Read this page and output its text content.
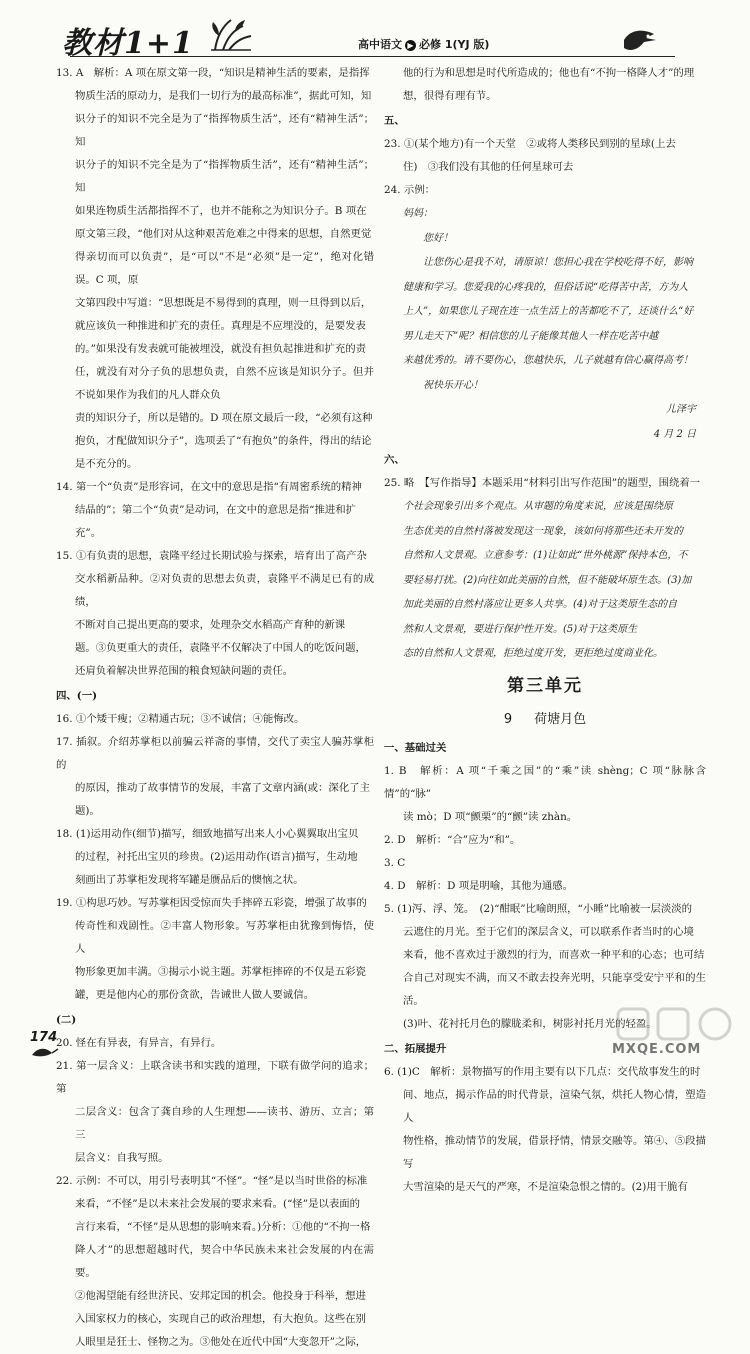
教材1+1	高中语文 ▶ 必修 1(YJ 版)
13. A　解析：A 项在原文第一段，“知识是精神生活的要素，是指挥
物质生活的原动力，是我们一切行为的最高标准”，据此可知，知
识分子的知识不完全是为了“指挥物质生活”，还有“精神生活”；知
识分子的知识不完全是为了“指挥物质生活”，还有“精神生活”；知
如果连物质生活都指挥不了，也并不能称之为知识分子。B 项在
原文第三段，“他们对从这种艰苦危难之中得来的思想，自然更觉
得亲切而可以负责”，是“可以”不是“必须”是一定”，绝对化错误。C 项，原
文第四段中写道：“思想既是不易得到的真理，则一旦得到以后，
就应该负一种推进和扩充的责任。真理是不应埋没的，是要发表
的。”如果没有发表就可能被埋没，就没有担负起推进和扩充的责
任，就没有对分子负的思想负责，自然不应该是知识分子。但并不说如果作为我们的凡人群众负
责的知识分子，所以是错的。D 项在原文最后一段，“必须有这种
抱负，才配做知识分子”，选项丢了“有抱负”的条件，得出的结论
是不充分的。
14. 第一个“负责”是形容词，在文中的意思是指“有周密系统的精神
结晶的”；第二个“负责”是动词，在文中的意思是指“推进和扩
充”。
15. ①有负责的思想，袁隆平经过长期试验与探索，培育出了高产杂
交水稻新品种。②对负责的思想去负责，袁隆平不满足已有的成绩，
不断对自己提出更高的要求，处理杂交水稻高产育种的新课
题。③负更重大的责任，袁隆平不仅解决了中国人的吃饭问题，
还肩负着解决世界范围的粮食短缺问题的责任。
四、(一)
16. ①个矮干瘦；②精通古玩；③不诚信；④能悔改。
17. 插叙。介绍苏掌柜以前骗云祥斋的事情，交代了卖宝人骗苏掌柜的
的原因，推动了故事情节的发展，丰富了文章内涵(或：深化了主
题)。
18. (1)运用动作(细节)描写，细致地描写出来人小心翼翼取出宝贝
的过程，衬托出宝贝的珍贵。(2)运用动作(语言)描写，生动地
刻画出了苏掌柜发现将军罐是赝品后的懊恼之状。
19. ①构思巧妙。写苏掌柜因受惊而失手摔碎五彩瓷，增强了故事的
传奇性和戏剧性。②丰富人物形象。写苏掌柜由犹豫到悔悟，使人
物形象更加丰满。③揭示小说主题。苏掌柜摔碎的不仅是五彩瓷
罐，更是他内心的那份贪欲，告诫世人做人要诚信。
(二)
20. 怪在有异表，有异言，有异行。
21. 第一层含义：上联含读书和实践的道理，下联有做学问的追求；第
二层含义：包含了龚自珍的人生理想——读书、游历、立言；第三
层含义：自我写照。
22. 示例：不可以，用引号表明其“不怪”。“怪”是以当时世俗的标准
来看，“不怪”是以未来社会发展的要求来看。(“怪”是以表面的
言行来看，“不怪”是从思想的影响来看。)分析：①他的“不拘一格
降人才”的思想超越时代，契合中华民族未来社会发展的内在需要。
②他渴望能有经世济民、安邦定国的机会。他投身于科举，想进
入国家权力的核心，实现自己的政治理想，有大抱负。这些在别
人眼里是狂士、怪物之为。③他处在近代中国“大变忽开”之际，
他的行为和思想是时代所造成的；他也有“不拘一格降人才”的理
想，很得有理有节。
五、
23. ①(某个地方)有一个天堂　②或将人类移民到别的星球(上去
住)　③我们没有其他的任何星球可去
24. 示例：
妈妈：
您好！
让您伤心是我不对，请原谅！您担心我在学校吃得不好，影响
健康和学习。您爱我的心疼我的，但俗话说“吃得苦中苦，方为人
上人”，如果您儿子现在连一点生活上的苦都吃不了，还谈什么“好
男儿走天下”呢？相信您的儿子能像其他人一样在吃苦中越
来越优秀的。请不要伤心，您越快乐，儿子就越有信心赢得高考！
祝快乐开心！
儿泽宇
4 月 2 日
六、
25. 略　【写作指导】本题采用“材料引出写作范围”的题型，围绕着一
个社会现象引出多个观点。从审题的角度来说，应该是围绕原
生态优美的自然村落被发现这一现象，该如何将那些还未开发的
自然和人文景观。立意参考：(1)让如此“世外桃源”保持本色，不
要轻易打扰。(2)向往如此美丽的自然，但不能破坏原生态。(3)加
加此美丽的自然村落应让更多人共享。(4)对于这类原生态的自
然和人文景观，要进行保护性开发。(5)对于这类原生
态的自然和人文景观，拒绝过度开发，更拒绝过度商业化。
第三单元
9 荷塘月色
一、基础过关
1. B　解析：A 项“千乘之国”的“乘”读 shèng；C 项“脉脉含情”的“脉”
读 mò；D 项“颤栗”的“颤”读 zhàn。
2. D　解析：“合”应为“和”。
3. C
4. D　解析：D 项是明喻，其他为通感。
5. (1)泻、浮、笼。　(2)“酣眠”比喻朗照，“小睡”比喻被一层淡淡的
云遮住的月光。至于它们的深层含义，可以联系作者当时的心境
来看，他不喜欢过于激烈的行为，而喜欢一种平和的心态；也可结
合自己对现实不满，而又不敢去投奔光明，只能享受安宁平和的生活。
(3)叶、花衬托月色的朦胧柔和，树影衬托月光的轻盈。
二、拓展提升
6. (1)C　解析：景物描写的作用主要有以下几点：交代故事发生的时
间、地点，揭示作品的时代背景，渲染气氛，烘托人物心情，塑造人
物性格，推动情节的发展，借景抒情，情景交融等。第④、⑤段描写
大雪渲染的是天气的严寒，不是渲染急恨之情的。(2)用干脆有
174
MXQE.COM
